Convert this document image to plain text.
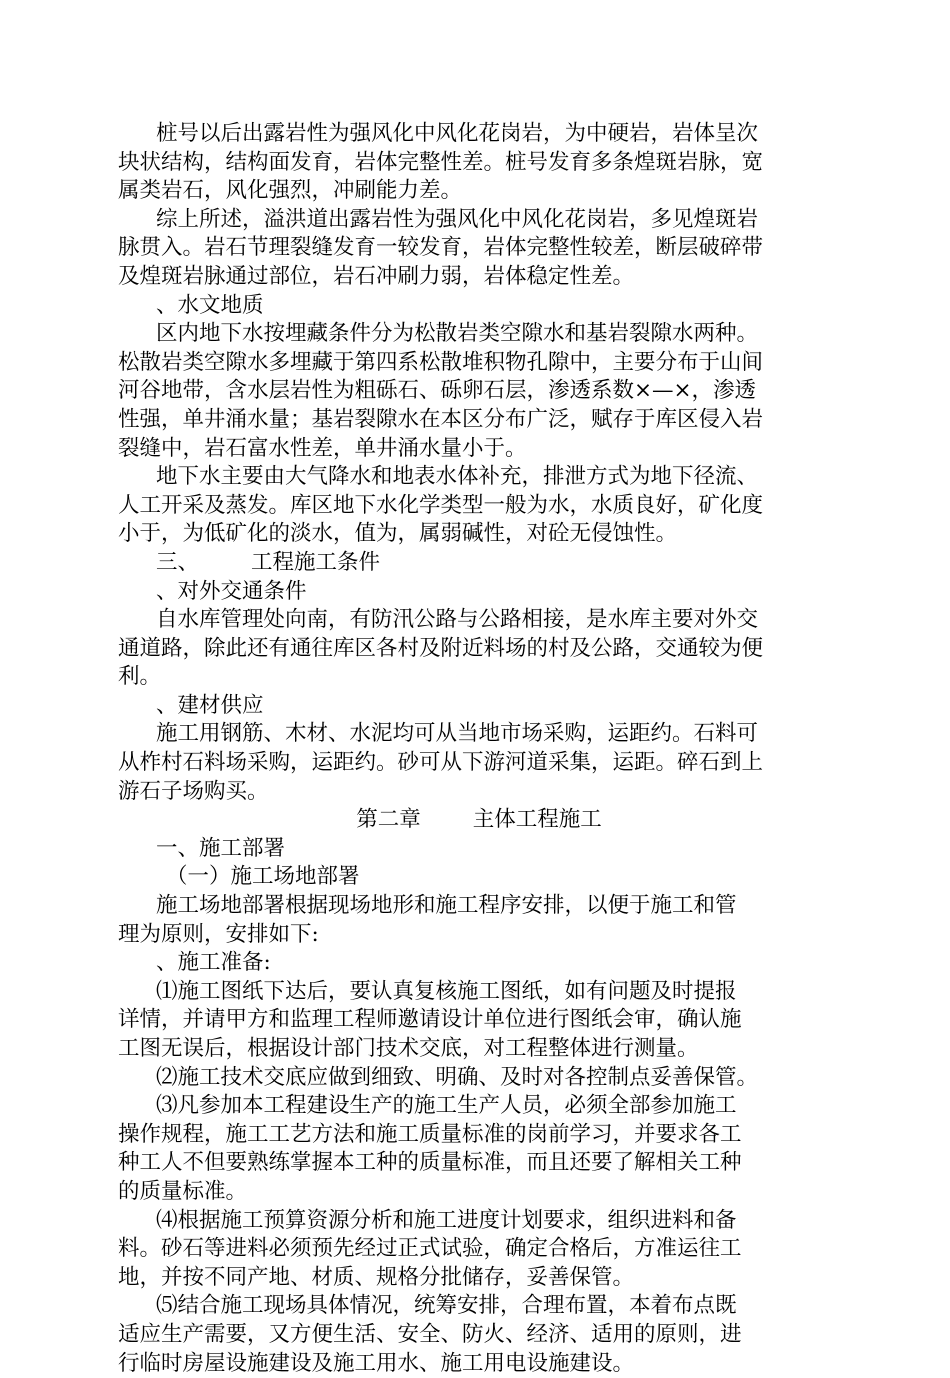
桩号以后出露岩性为强风化中风化花岗岩，为中硬岩，岩体呈次
块状结构，结构面发育，岩体完整性差。桩号发育多条煌斑岩脉，宽
属类岩石，风化强烈，冲刷能力差。
综上所述，溢洪道出露岩性为强风化中风化花岗岩，多见煌斑岩
脉贯入。岩石节理裂缝发育一较发育，岩体完整性较差，断层破碎带
及煌斑岩脉通过部位，岩石冲刷力弱，岩体稳定性差。
、水文地质
区内地下水按埋藏条件分为松散岩类空隙水和基岩裂隙水两种。
松散岩类空隙水多埋藏于第四系松散堆积物孔隙中，主要分布于山间
河谷地带，含水层岩性为粗砾石、砾卵石层，渗透系数×—×，渗透
性强，单井涌水量；基岩裂隙水在本区分布广泛，赋存于库区侵入岩
裂缝中，岩石富水性差，单井涌水量小于。
地下水主要由大气降水和地表水体补充，排泄方式为地下径流、
人工开采及蒸发。库区地下水化学类型一般为水，水质良好，矿化度
小于，为低矿化的淡水，值为，属弱碱性，对砼无侵蚀性。
三、 工程施工条件
、对外交通条件
自水库管理处向南，有防汛公路与公路相接，是水库主要对外交
通道路，除此还有通往库区各村及附近料场的村及公路，交通较为便
利。
、建材供应
施工用钢筋、木材、水泥均可从当地市场采购，运距约。石料可
从柞村石料场采购，运距约。砂可从下游河道采集，运距。碎石到上
游石子场购买。
第二章 主体工程施工
一、施工部署
（一）施工场地部署
施工场地部署根据现场地形和施工程序安排，以便于施工和管
理为原则，安排如下:
、施工准备:
⑴施工图纸下达后，要认真复核施工图纸，如有问题及时提报
详情，并请甲方和监理工程师邀请设计单位进行图纸会审，确认施
工图无误后，根据设计部门技术交底，对工程整体进行测量。
⑵施工技术交底应做到细致、明确、及时对各控制点妥善保管。
⑶凡参加本工程建设生产的施工生产人员，必须全部参加施工
操作规程，施工工艺方法和施工质量标准的岗前学习，并要求各工
种工人不但要熟练掌握本工种的质量标准，而且还要了解相关工种
的质量标准。
⑷根据施工预算资源分析和施工进度计划要求，组织进料和备
料。砂石等进料必须预先经过正式试验，确定合格后，方准运往工
地，并按不同产地、材质、规格分批储存，妥善保管。
⑸结合施工现场具体情况，统筹安排，合理布置，本着布点既
适应生产需要，又方便生活、安全、防火、经济、适用的原则，进
行临时房屋设施建设及施工用水、施工用电设施建设。
